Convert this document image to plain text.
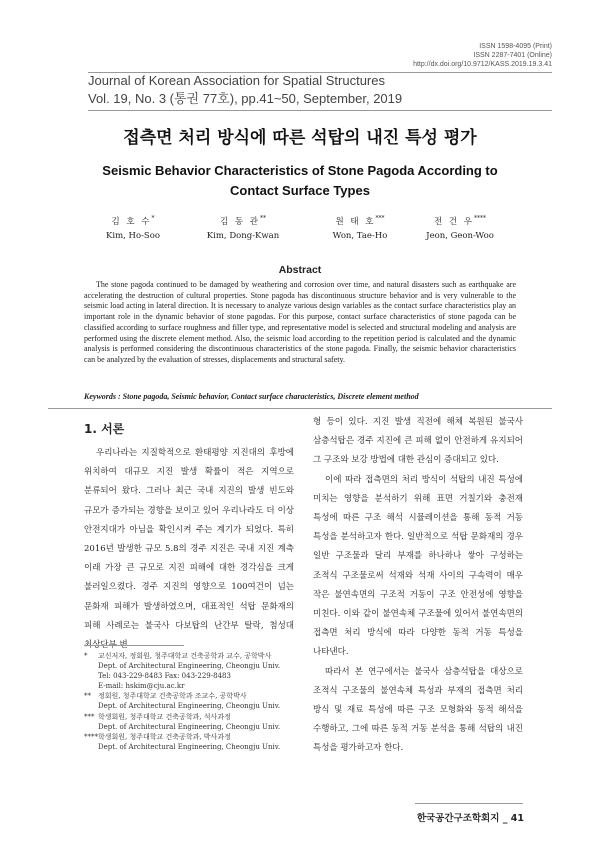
ISSN 1598-4095 (Print)
ISSN 2287-7401 (Online)
http://dx.doi.org/10.9712/KASS.2019.19.3.41
Journal of Korean Association for Spatial Structures
Vol. 19, No. 3 (통권 77호), pp.41~50, September, 2019
접측면 처리 방식에 따른 석탑의 내진 특성 평가
Seismic Behavior Characteristics of Stone Pagoda According to
Contact Surface Types
김 호 수*
Kim, Ho-Soo
김 동 관**
Kim, Dong-Kwan
원 태 호***
Won, Tae-Ho
전 건 우****
Jeon, Geon-Woo
Abstract
The stone pagoda continued to be damaged by weathering and corrosion over time, and natural disasters such as earthquake are accelerating the destruction of cultural properties. Stone pagoda has discontinuous structure behavior and is very vulnerable to the seismic load acting in lateral direction. It is necessary to analyze various design variables as the contact surface characteristics play an important role in the dynamic behavior of stone pagodas. For this purpose, contact surface characteristics of stone pagoda can be classified according to surface roughness and filler type, and representative model is selected and structural modeling and analysis are performed using the discrete element method. Also, the seismic load according to the repetition period is calculated and the dynamic analysis is performed considering the discontinuous characteristics of the stone pagoda. Finally, the seismic behavior characteristics can be analyzed by the evaluation of stresses, displacements and structural safety.
Keywords : Stone pagoda, Seismic behavior, Contact surface characteristics, Discrete element method
1. 서론
우리나라는 지질학적으로 환태평양 지진대의 후방에 위치하여 대규모 지진 발생 확률이 적은 지역으로 분류되어 왔다. 그러나 최근 국내 지진의 발생 빈도와 규모가 증가되는 경향을 보이고 있어 우리나라도 더 이상 안전지대가 아님을 확인시켜 주는 계기가 되었다. 특히 2016년 발생한 규모 5.8의 경주 지진은 국내 지진 계측 이래 가장 큰 규모로 지진 피해에 대한 경각심을 크게 불러일으켰다. 경주 지진의 영향으로 100여건이 넘는 문화재 피해가 발생하였으며, 대표적인 석탑 문화재의 피해 사례로는 불국사 다보탑의 난간부 탈락, 첨성대 최상단부 변

형 등이 있다. 지진 발생 직전에 해체 복원된 불국사 삼층석탑은 경주 지진에 큰 피해 없이 안전하게 유지되어 그 구조와 보강 방법에 대한 관심이 증대되고 있다.

이에 따라 접측면의 처리 방식이 석탑의 내진 특성에 미치는 영향을 분석하기 위해 표면 거칠기와 충전재 특성에 따른 구조 해석 시뮬레이션을 통해 동적 거동 특성을 분석하고자 한다. 일반적으로 석탑 문화재의 경우 일반 구조물과 달리 부재를 하나하나 쌓아 구성하는 조적식 구조물로써 석재와 석재 사이의 구속력이 매우 작은 불연속면의 구조적 거동이 구조 안전성에 영향을 미친다. 이와 같이 불연속체 구조물에 있어서 불연속면의 접측면 처리 방식에 따라 다양한 동적 거동 특성을 나타낸다.

따라서 본 연구에서는 불국사 삼층석탑을 대상으로 조적식 구조물의 불연속체 특성과 부재의 접측면 처리 방식 및 재료 특성에 따른 구조 모형화와 동적 해석을 수행하고, 그에 따른 동적 거동 분석을 통해 석탑의 내진 특성을 평가하고자 한다.

*	교신저자, 정회원, 청주대학교 건축공학과 교수, 공학박사
Dept. of Architectural Engineering, Cheongju Univ.
Tel: 043-229-8483 Fax: 043-229-8483
E-mail: hskim@cju.ac.kr
**	정회원, 청주대학교 건축공학과 조교수, 공학박사
Dept. of Architectural Engineering, Cheongju Univ.
*** 학생회원, 청주대학교 건축공학과, 석사과정
Dept. of Architectural Engineering, Cheongju Univ.
**** 학생회원, 청주대학교 건축공학과, 박사과정
Dept. of Architectural Engineering, Cheongju Univ.
한국공간구조학회지 _ 41
